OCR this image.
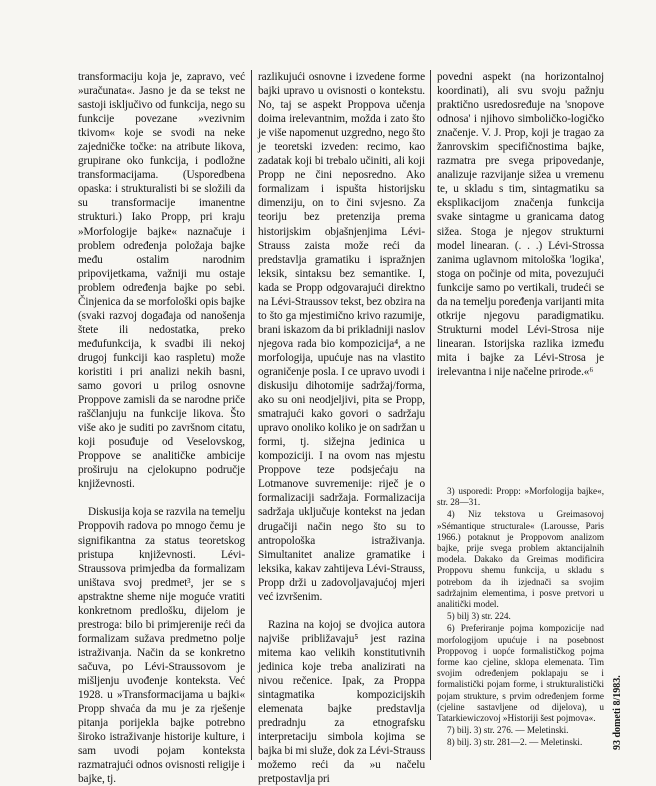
transformaciju koja je, zapravo, već »uračunata«. Jasno je da se tekst ne sastoji isključivo od funkcija, nego su funkcije povezane »vezivnim tkivom« koje se svodi na neke zajedničke točke: na atribute likova, grupirane oko funkcija, i podložne transformacijama. (Usporedbena opaska: i strukturalisti bi se složili da su transformacije imanentne strukturi.) Iako Propp, pri kraju »Morfologije bajke« naznačuje i problem određenja položaja bajke među ostalim narodnim pripovijetkama, važniji mu ostaje problem određenja bajke po sebi. Činjenica da se morfološki opis bajke (svaki razvoj događaja od nanošenja štete ili nedostatka, preko međufunkcija, k svadbi ili nekoj drugoj funkciji kao raspletu) može koristiti i pri analizi nekih basni, samo govori u prilog osnovne Proppove zamisli da se narodne priče raščlanjuju na funkcije likova. Što više ako je suditi po završnom citatu, koji posuđuje od Veselovskog, Proppove se analitičke ambicije proširuju na cjelokupno područje književnosti.

Diskusija koja se razvila na temelju Proppovih radova po mnogo čemu je signifikantna za status teoretskog pristupa književnosti. Lévi-Straussova primjedba da formalizam uništava svoj predmet³, jer se s apstraktne sheme nije moguće vratiti konkretnom predlošku, dijelom je prestroga: bilo bi primjerenije reći da formalizam sužava predmetno polje istraživanja. Način da se konkretno sačuva, po Lévi-Straussovom je mišljenju uvođenje konteksta. Već 1928. u »Transformacijama u bajki« Propp shvaća da mu je za rješenje pitanja porijekla bajke potrebno široko istraživanje historije kulture, i sam uvodi pojam konteksta razmatrajući odnos ovisnosti religije i bajke, tj.

razlikujući osnovne i izvedene forme bajki upravo u ovisnosti o kontekstu. No, taj se aspekt Proppova učenja doima irelevantnim, možda i zato što je više napomenut uzgredno, nego što je teoretski izveden: recimo, kao zadatak koji bi trebalo učiniti, ali koji Propp ne čini neposredno. Ako formalizam i ispušta historijsku dimenziju, on to čini svjesno. Za teoriju bez pretenzija prema historijskim objašnjenjima Lévi-Strauss zaista može reći da predstavlja gramatiku i ispražnjen leksik, sintaksu bez semantike. I, kada se Propp odgovarajući direktno na Lévi-Straussov tekst, bez obzira na to što ga mjestimično krivo razumije, brani iskazom da bi prikladniji naslov njegova rada bio kompozicija⁴, a ne morfologija, upućuje nas na vlastito ograničenje posla. I ce upravo uvodi i diskusiju dihotomije sadržaj/forma, ako su oni neodjeljivi, pita se Propp, smatrajući kako govori o sadržaju upravo onoliko koliko je on sadržan u formi, tj. sižejna jedinica u kompoziciji. I na ovom nas mjestu Proppove teze podsjećaju na Lotmanove suvremenije: riječ je o formalizaciji sadržaja. Formalizacija sadržaja uključuje kontekst na jedan drugačiji način nego što su to antropološka istraživanja. Simultanitet analize gramatike i leksika, kakav zahtijeva Lévi-Strauss, Propp drži u zadovoljavajućoj mjeri već izvršenim.

Razina na kojoj se dvojica autora najviše približavaju⁵ jest razina mitema kao velikih konstitutivnih jedinica koje treba analizirati na nivou rečenice. Ipak, za Proppa sintagmatika kompozicijskih elemenata bajke predstavlja predradnju za etnografsku interpretaciju simbola kojima se bajka bi mi služe, dok za Lévi-Strauss možemo reći da »u načelu pretpostavlja pri

povedni aspekt (na horizontalnoj koordinati), ali svu svoju pažnju praktično usredosređuje na 'snopove odnosa' i njihovo simboličko-logičko značenje. V. J. Prop, koji je tragao za žanrovskim specifičnostima bajke, razmatra pre svega pripovedanje, analizuje razvijanje sižea u vremenu te, u skladu s tim, sintagmatiku sa eksplikacijom značenja funkcija svake sintagme u granicama datog sižea. Stoga je njegov strukturni model linearan. (. . .) Lévi-Strossa zanima uglavnom mitološka 'logika', stoga on počinje od mita, povezujući funkcije samo po vertikali, trudeći se da na temelju poređenja varijanti mita otkrije njegovu paradigmatiku. Strukturni model Lévi-Strosa nije linearan. Istorijska razlika između mita i bajke za Lévi-Strosa je irelevantna i nije načelne prirode.«⁶

3) usporedi: Propp: »Morfologija bajke«, str. 28—31.

4) Niz tekstova u Greimasovoj »Sémantique structurale« (Larousse, Paris 1966.) potaknut je Proppovom analizom bajke, prije svega problem aktancijalnih modela. Dakako da Greimas modificira Proppovu shemu funkcija, u skladu s potrebom da ih izjednači sa svojim sadržajnim elementima, i posve pretvori u analitički model.

5) bilj 3) str. 224.

6) Preferiranje pojma kompozicije nad morfologijom upućuje i na posebnost Proppovog i uopće formalističkog pojma forme kao cjeline, sklopa elemenata. Tim svojim određenjem poklapaju se i formalistički pojam forme, i strukturalistički pojam strukture, s prvim određenjem forme (cjeline sastavljene od dijelova), u Tatarkiewiczovoj »Historiji šest pojmova«.

7) bilj. 3) str. 276. — Meletinski.

8) bilj. 3) str. 281—2. — Meletinski.	93 dometi 8/1983.
